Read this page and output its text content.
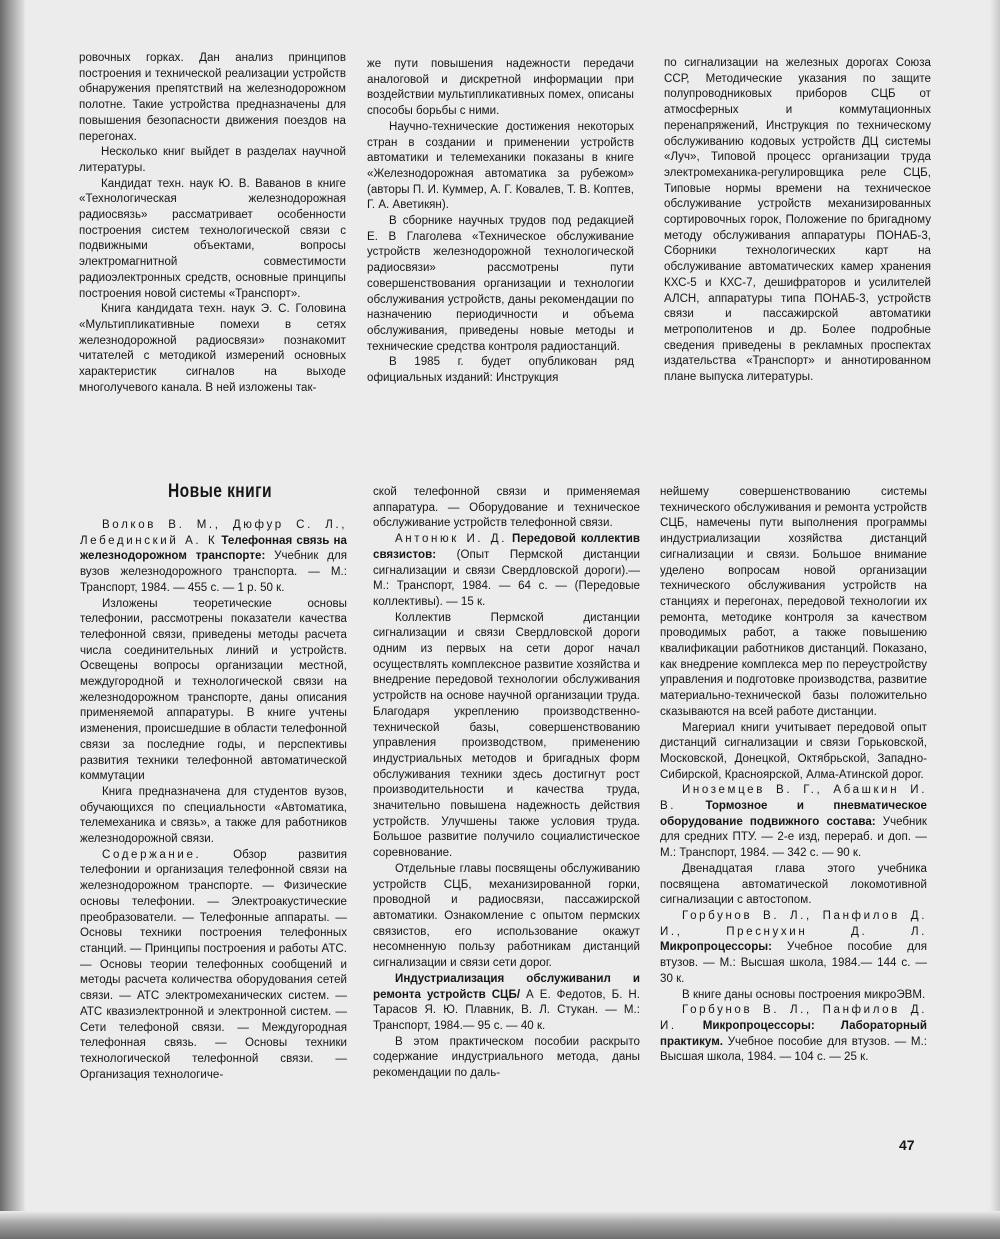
ровочных горках. Дан анализ принципов построения и технической реализации устройств обнаружения препятствий на железнодорожном полотне. Такие устройства предназначены для повышения безопасности движения поездов на перегонах.

Несколько книг выйдет в разделах научной литературы.

Кандидат техн. наук Ю. В. Ваванов в книге «Технологическая железнодорожная радиосвязь» рассматривает особенности построения систем технологической связи с подвижными объектами, вопросы электромагнитной совместимости радиоэлектронных средств, основные принципы построения новой системы «Транспорт».

Книга кандидата техн. наук Э. С. Головина «Мультипликативные помехи в сетях железнодорожной радиосвязи» познакомит читателей с методикой измерений основных характеристик сигналов на выходе многолучевого канала. В ней изложены так-

же пути повышения надежности передачи аналоговой и дискретной информации при воздействии мультипликативных помех, описаны способы борьбы с ними.

Научно-технические достижения некоторых стран в создании и применении устройств автоматики и телемеханики показаны в книге «Железнодорожная автоматика за рубежом» (авторы П. И. Куммер, А. Г. Ковалев, Т. В. Коптев, Г. А. Аветикян).

В сборнике научных трудов под редакцией Е. В Глаголева «Техническое обслуживание устройств железнодорожной технологической радиосвязи» рассмотрены пути совершенствования организации и технологии обслуживания устройств, даны рекомендации по назначению периодичности и объема обслуживания, приведены новые методы и технические средства контроля радиостанций.

В 1985 г. будет опубликован ряд официальных изданий: Инструкция

по сигнализации на железных дорогах Союза ССР, Методические указания по защите полупроводниковых приборов СЦБ от атмосферных и коммутационных перенапряжений, Инструкция по техническому обслуживанию кодовых устройств ДЦ системы «Луч», Типовой процесс организации труда электромеханика-регулировщика реле СЦБ, Типовые нормы времени на техническое обслуживание устройств механизированных сортировочных горок, Положение по бригадному методу обслуживания аппаратуры ПОНАБ-3, Сборники технологических карт на обслуживание автоматических камер хранения КХС-5 и КХС-7, дешифраторов и усилителей АЛСН, аппаратуры типа ПОНАБ-3, устройств связи и пассажирской автоматики метрополитенов и др. Более подробные сведения приведены в рекламных проспектах издательства «Транспорт» и аннотированном плане выпуска литературы.

Новые книги

Волков В. М., Дюфур С. Л., Лебединский А. К Телефонная связь на железнодорожном транспорте: Учебник для вузов железнодорожного транспорта. — М.: Транспорт, 1984. — 455 с. — 1 р. 50 к.

Изложены теоретические основы телефонии, рассмотрены показатели качества телефонной связи, приведены методы расчета числа соединительных линий и устройств. Освещены вопросы организации местной, междугородной и технологической связи на железнодорожном транспорте, даны описания применяемой аппаратуры. В книге учтены изменения, происшедшие в области телефонной связи за последние годы, и перспективы развития техники телефонной автоматической коммутации

Книга предназначена для студентов вузов, обучающихся по специальности «Автоматика, телемеханика и связь», а также для работников железнодорожной связи.

Содержание.	Обзор развития телефонии и организация телефонной связи на железнодорожном транспорте. — Физические основы телефонии. — Электроакустические преобразователи. — Телефонные аппараты. — Основы техники построения телефонных станций. — Принципы построения и работы АТС. — Основы теории телефонных сообщений и методы расчета количества оборудования сетей связи. — АТС электромеханических систем. — АТС квазиэлектронной и электронной систем. — Сети телефоной связи. — Междугородная телефонная связь. — Основы техники технологической телефонной связи. — Организация технологиче-

ской телефонной связи и применяемая аппаратура. — Оборудование и техническое обслуживание устройств телефонной связи.

Антонюк И. Д. Передовой коллектив связистов: (Опыт Пермской дистанции сигнализации и связи Свердловской дороги).— М.: Транспорт, 1984. — 64 с. — (Передовые коллективы). — 15 к.

Коллектив Пермской дистанции сигнализации и связи Свердловской дороги одним из первых на сети дорог начал осуществлять комплексное развитие хозяйства и внедрение передовой технологии обслуживания устройств на основе научной организации труда. Благодаря укреплению производственно-технической базы, совершенствованию управления производством, применению индустриальных методов и бригадных форм обслуживания техники здесь достигнут рост производительности и качества труда, значительно повышена надежность действия устройств. Улучшены также условия труда. Большое развитие получило социалистическое соревнование.

Отдельные главы посвящены обслуживанию устройств СЦБ, механизированной горки, проводной и радиосвязи, пассажирской автоматики. Ознакомление с опытом пермских связистов, его использование окажут несомненную пользу работникам дистанций сигнализации и связи сети дорог.

Индустриализация обслуживанил и ремонта устройств СЦБ/ А Е. Федотов, Б. Н. Тарасов Я. Ю. Плавник, В. Л. Стукан. — М.: Транспорт, 1984.— 95 с. — 40 к.

В этом практическом пособии раскрыто содержание индустриального метода, даны рекомендации по даль-

нейшему совершенствованию системы технического обслуживания и ремонта устройств СЦБ, намечены пути выполнения программы индустриализации хозяйства дистанций сигнализации и связи. Большое внимание уделено вопросам новой организации технического обслуживания устройств на станциях и перегонах, передовой технологии их ремонта, методике контроля за качеством проводимых работ, а также повышению квалификации работников дистанций. Показано, как внедрение комплекса мер по переустройству управления и подготовке производства, развитие материально-технической базы положительно сказываются на всей работе дистанции.

Магериал книги учитывает передовой опыт дистанций сигнализации и связи Горьковской, Московской, Донецкой, Октябрьской, Западно-Сибирской, Красноярской, Алма-Атинской дорог.

Иноземцев В. Г., Абашкин И. В.	Тормозное и пневматическое оборудование подвижного состава: Учебник для средних ПТУ. — 2-е изд, перераб. и доп. — М.: Транспорт, 1984. — 342 с. — 90 к.

Двенадцатая глава этого учебника посвящена автоматической локомотивной сигнализации с автостопом.

Горбунов В. Л., Панфилов Д. И., Преснухин Д. Л. Микропроцессоры: Учебное пособие для втузов. — М.: Высшая школа, 1984.— 144 с. — 30 к.

В книге даны основы построения микроЭВМ.

Горбунов В. Л., Панфилов Д. И. Микропроцессоры: Лабораторный практикум. Учебное пособие для втузов. — М.: Высшая школа, 1984. — 104 с. — 25 к.

47
